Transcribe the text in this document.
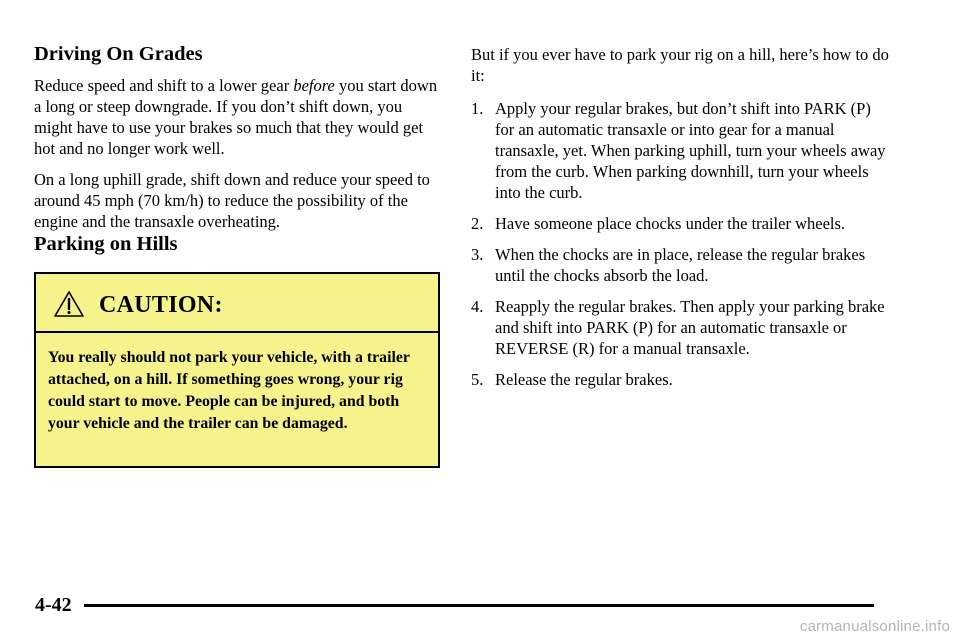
Driving On Grades

Reduce speed and shift to a lower gear before you start down a long or steep downgrade. If you don’t shift down, you might have to use your brakes so much that they would get hot and no longer work well.

On a long uphill grade, shift down and reduce your speed to around 45 mph (70 km/h) to reduce the possibility of the engine and the transaxle overheating.

Parking on Hills
CAUTION:
You really should not park your vehicle, with a trailer attached, on a hill. If something goes wrong, your rig could start to move. People can be injured, and both your vehicle and the trailer can be damaged.

But if you ever have to park your rig on a hill, here’s how to do it:

1. Apply your regular brakes, but don’t shift into PARK (P) for an automatic transaxle or into gear for a manual transaxle, yet. When parking uphill, turn your wheels away from the curb. When parking downhill, turn your wheels into the curb.
2. Have someone place chocks under the trailer wheels.
3. When the chocks are in place, release the regular brakes until the chocks absorb the load.
4. Reapply the regular brakes. Then apply your parking brake and shift into PARK (P) for an automatic transaxle or REVERSE (R) for a manual transaxle.
5. Release the regular brakes.
4-42
carmanualsonline.info
